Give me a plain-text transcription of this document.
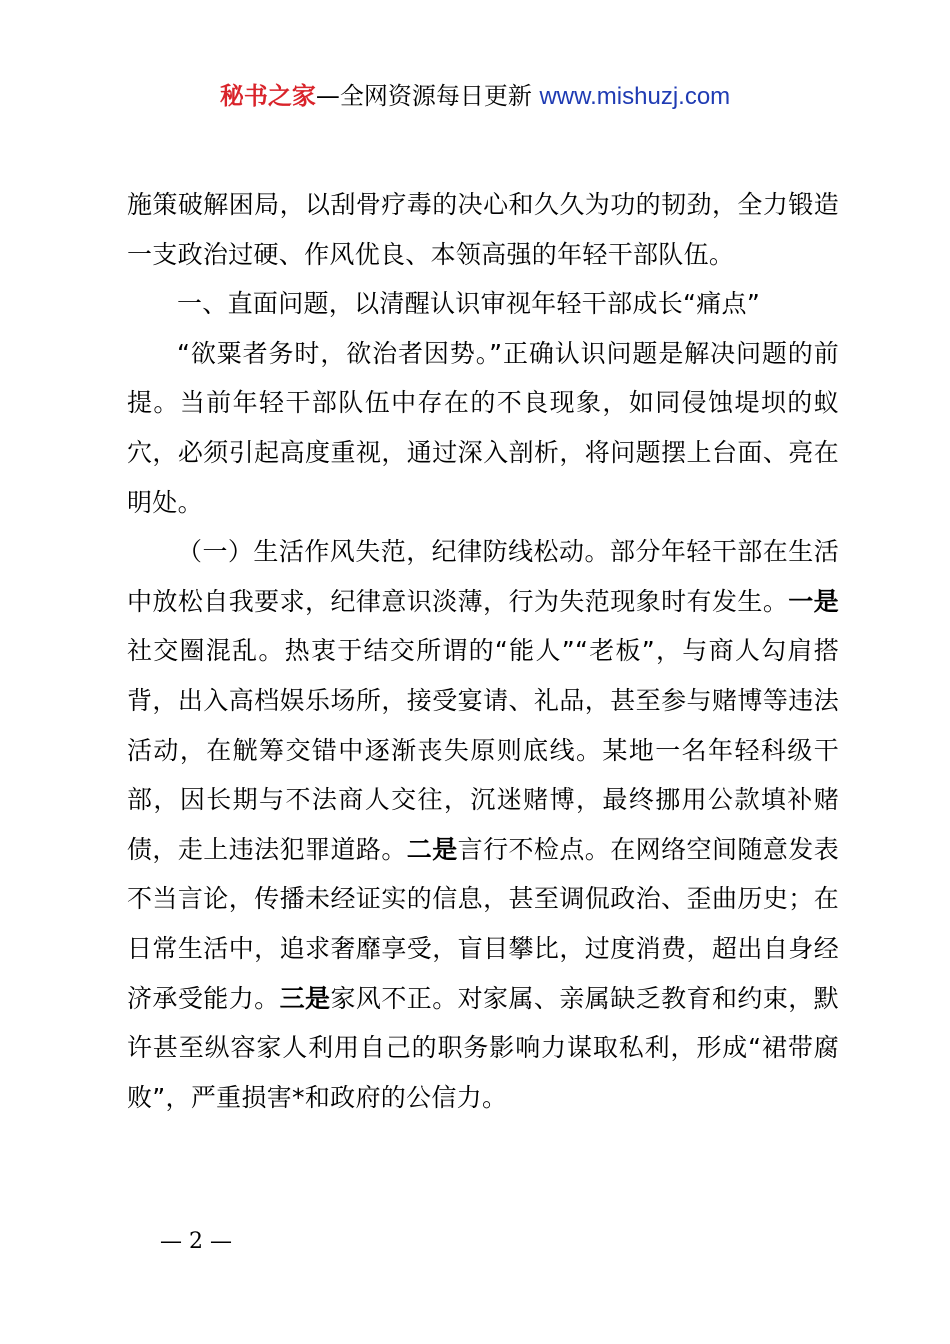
秘书之家—全网资源每日更新 www.mishuzj.com

施策破解困局，以刮骨疗毒的决心和久久为功的韧劲，全力锻造一支政治过硬、作风优良、本领高强的年轻干部队伍。

一、直面问题，以清醒认识审视年轻干部成长“痛点”

“欲粟者务时，欲治者因势。”正确认识问题是解决问题的前提。当前年轻干部队伍中存在的不良现象，如同侵蚀堤坝的蚁穴，必须引起高度重视，通过深入剖析，将问题摆上台面、亮在明处。

（一）生活作风失范，纪律防线松动。部分年轻干部在生活中放松自我要求，纪律意识淡薄，行为失范现象时有发生。一是社交圈混乱。热衷于结交所谓的“能人”“老板”，与商人勾肩搭背，出入高档娱乐场所，接受宴请、礼品，甚至参与赌博等违法活动，在觥筹交错中逐渐丧失原则底线。某地一名年轻科级干部，因长期与不法商人交往，沉迷赌博，最终挪用公款填补赌债，走上违法犯罪道路。二是言行不检点。在网络空间随意发表不当言论，传播未经证实的信息，甚至调侃政治、歪曲历史；在日常生活中，追求奢靡享受，盲目攀比，过度消费，超出自身经济承受能力。三是家风不正。对家属、亲属缺乏教育和约束，默许甚至纵容家人利用自己的职务影响力谋取私利，形成“裙带腐败”，严重损害*和政府的公信力。

— 2 —
